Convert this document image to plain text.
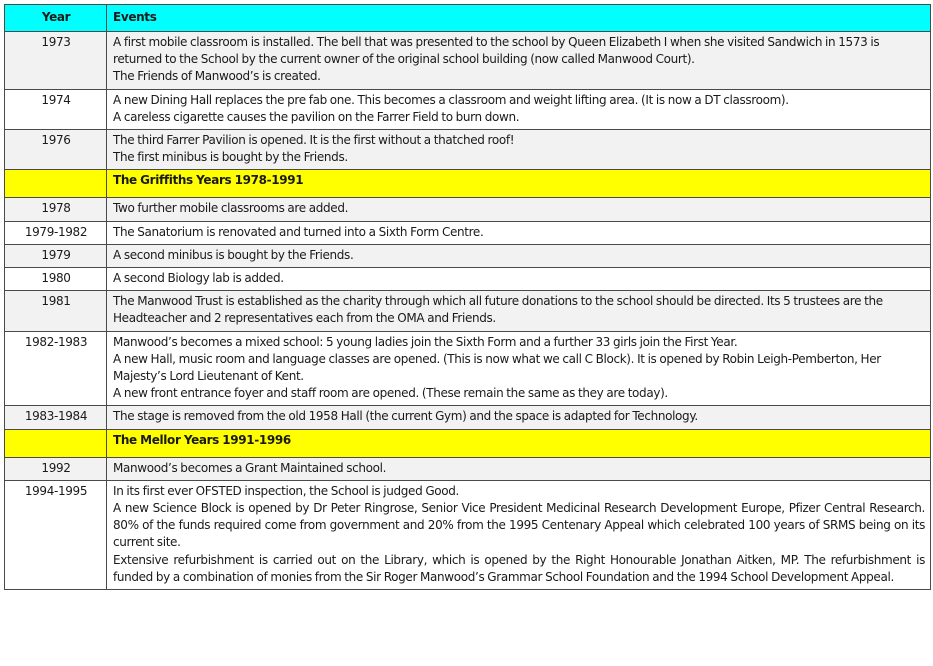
Year	Events
1973	A first mobile classroom is installed. The bell that was presented to the school by Queen Elizabeth I when she visited Sandwich in 1573 is returned to the School by the current owner of the original school building (now called Manwood Court).
The Friends of Manwood’s is created.

1974	A new Dining Hall replaces the pre fab one. This becomes a classroom and weight lifting area. (It is now a DT classroom).
A careless cigarette causes the pavilion on the Farrer Field to burn down.

1976	The third Farrer Pavilion is opened. It is the first without a thatched roof!
The first minibus is bought by the Friends.

	The Griffiths Years 1978-1991
1978	Two further mobile classrooms are added.

1979-1982	The Sanatorium is renovated and turned into a Sixth Form Centre.

1979	A second minibus is bought by the Friends.

1980	A second Biology lab is added.

1981	The Manwood Trust is established as the charity through which all future donations to the school should be directed. Its 5 trustees are the Headteacher and 2 representatives each from the OMA and Friends.

1982-1983	Manwood’s becomes a mixed school: 5 young ladies join the Sixth Form and a further 33 girls join the First Year.
A new Hall, music room and language classes are opened. (This is now what we call C Block). It is opened by Robin Leigh-Pemberton, Her Majesty’s Lord Lieutenant of Kent.
A new front entrance foyer and staff room are opened. (These remain the same as they are today).

1983-1984	The stage is removed from the old 1958 Hall (the current Gym) and the space is adapted for Technology.

	The Mellor Years 1991-1996
1992	Manwood’s becomes a Grant Maintained school.

1994-1995	In its first ever OFSTED inspection, the School is judged Good.
A new Science Block is opened by Dr Peter Ringrose, Senior Vice President Medicinal Research Development Europe, Pfizer Central Research. 80% of the funds required come from government and 20% from the 1995 Centenary Appeal which celebrated 100 years of SRMS being on its current site.
Extensive refurbishment is carried out on the Library, which is opened by the Right Honourable Jonathan Aitken, MP. The refurbishment is funded by a combination of monies from the Sir Roger Manwood’s Grammar School Foundation and the 1994 School Development Appeal.
